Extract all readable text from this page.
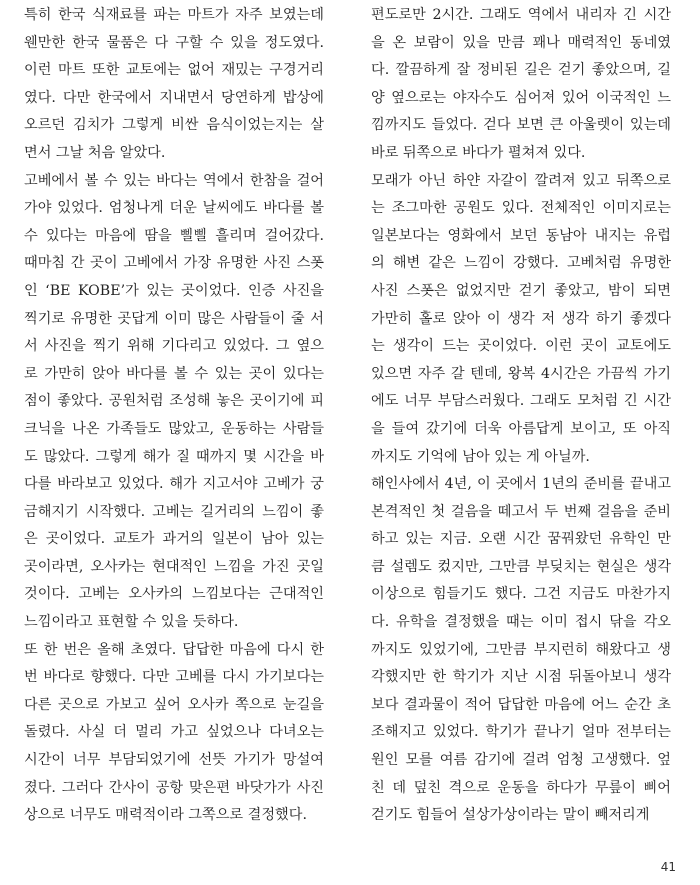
특히 한국 식재료를 파는 마트가 자주 보였는데
웬만한 한국 물품은 다 구할 수 있을 정도였다.
이런 마트 또한 교토에는 없어 재밌는 구경거리
였다. 다만 한국에서 지내면서 당연하게 밥상에
오르던 김치가 그렇게 비싼 음식이었는지는 살
면서 그날 처음 알았다.
고베에서 볼 수 있는 바다는 역에서 한참을 걸어
가야 있었다. 엄청나게 더운 날씨에도 바다를 볼
수 있다는 마음에 땀을 삘삘 흘리며 걸어갔다.
때마침 간 곳이 고베에서 가장 유명한 사진 스폿
인 ‘BE KOBE’가 있는 곳이었다. 인증 사진을
찍기로 유명한 곳답게 이미 많은 사람들이 줄 서
서 사진을 찍기 위해 기다리고 있었다. 그 옆으
로 가만히 앉아 바다를 볼 수 있는 곳이 있다는
점이 좋았다. 공원처럼 조성해 놓은 곳이기에 피
크닉을 나온 가족들도 많았고, 운동하는 사람들
도 많았다. 그렇게 해가 질 때까지 몇 시간을 바
다를 바라보고 있었다. 해가 지고서야 고베가 궁
금해지기 시작했다. 고베는 길거리의 느낌이 좋
은 곳이었다. 교토가 과거의 일본이 남아 있는
곳이라면, 오사카는 현대적인 느낌을 가진 곳일
것이다. 고베는 오사카의 느낌보다는 근대적인
느낌이라고 표현할 수 있을 듯하다.
또 한 번은 올해 초였다. 답답한 마음에 다시 한
번 바다로 향했다. 다만 고베를 다시 가기보다는
다른 곳으로 가보고 싶어 오사카 쪽으로 눈길을
돌렸다. 사실 더 멀리 가고 싶었으나 다녀오는
시간이 너무 부담되었기에 선뜻 가기가 망설여
졌다. 그러다 간사이 공항 맞은편 바닷가가 사진
상으로 너무도 매력적이라 그쪽으로 결정했다.
편도로만 2시간. 그래도 역에서 내리자 긴 시간
을 온 보람이 있을 만큼 꽤나 매력적인 동네였
다. 깔끔하게 잘 정비된 길은 걷기 좋았으며, 길
양 옆으로는 야자수도 심어져 있어 이국적인 느
낌까지도 들었다. 걷다 보면 큰 아울렛이 있는데
바로 뒤쪽으로 바다가 펼쳐져 있다.
모래가 아닌 하얀 자갈이 깔려져 있고 뒤쪽으로
는 조그마한 공원도 있다. 전체적인 이미지로는
일본보다는 영화에서 보던 동남아 내지는 유럽
의 해변 같은 느낌이 강했다. 고베처럼 유명한
사진 스폿은 없었지만 걷기 좋았고, 밤이 되면
가만히 홀로 앉아 이 생각 저 생각 하기 좋겠다
는 생각이 드는 곳이었다. 이런 곳이 교토에도
있으면 자주 갈 텐데, 왕복 4시간은 가끔씩 가기
에도 너무 부담스러웠다. 그래도 모처럼 긴 시간
을 들여 갔기에 더욱 아름답게 보이고, 또 아직
까지도 기억에 남아 있는 게 아닐까.
해인사에서 4년, 이 곳에서 1년의 준비를 끝내고
본격적인 첫 걸음을 떼고서 두 번째 걸음을 준비
하고 있는 지금. 오랜 시간 꿈꿔왔던 유학인 만
큼 설렘도 컸지만, 그만큼 부딪치는 현실은 생각
이상으로 힘들기도 했다. 그건 지금도 마찬가지
다. 유학을 결정했을 때는 이미 접시 닦을 각오
까지도 있었기에, 그만큼 부지런히 해왔다고 생
각했지만 한 학기가 지난 시점 뒤돌아보니 생각
보다 결과물이 적어 답답한 마음에 어느 순간 초
조해지고 있었다. 학기가 끝나기 얼마 전부터는
원인 모를 여름 감기에 걸려 엄청 고생했다. 엎
친 데 덮친 격으로 운동을 하다가 무릎이 삐어
걷기도 힘들어 설상가상이라는 말이 빼저리게
41
